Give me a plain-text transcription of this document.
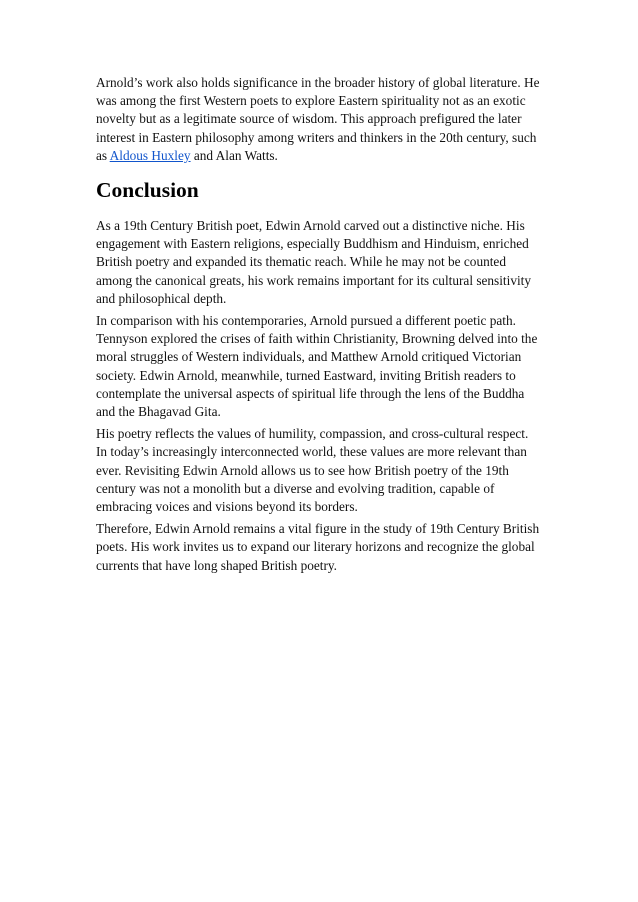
Arnold’s work also holds significance in the broader history of global literature. He was among the first Western poets to explore Eastern spirituality not as an exotic novelty but as a legitimate source of wisdom. This approach prefigured the later interest in Eastern philosophy among writers and thinkers in the 20th century, such as Aldous Huxley and Alan Watts.

Conclusion

As a 19th Century British poet, Edwin Arnold carved out a distinctive niche. His engagement with Eastern religions, especially Buddhism and Hinduism, enriched British poetry and expanded its thematic reach. While he may not be counted among the canonical greats, his work remains important for its cultural sensitivity and philosophical depth.

In comparison with his contemporaries, Arnold pursued a different poetic path. Tennyson explored the crises of faith within Christianity, Browning delved into the moral struggles of Western individuals, and Matthew Arnold critiqued Victorian society. Edwin Arnold, meanwhile, turned Eastward, inviting British readers to contemplate the universal aspects of spiritual life through the lens of the Buddha and the Bhagavad Gita.

His poetry reflects the values of humility, compassion, and cross-cultural respect. In today’s increasingly interconnected world, these values are more relevant than ever. Revisiting Edwin Arnold allows us to see how British poetry of the 19th century was not a monolith but a diverse and evolving tradition, capable of embracing voices and visions beyond its borders.

Therefore, Edwin Arnold remains a vital figure in the study of 19th Century British poets. His work invites us to expand our literary horizons and recognize the global currents that have long shaped British poetry.
